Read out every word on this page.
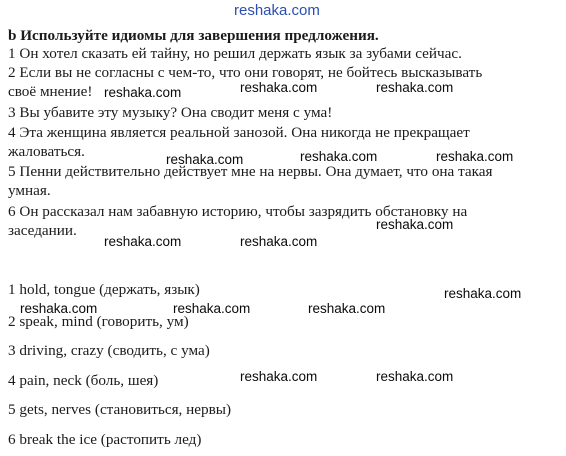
reshaka.com
b Используйте идиомы для завершения предложения.
1 Он хотел сказать ей тайну, но решил держать язык за зубами сейчас.
2 Если вы не согласны с чем-то, что они говорят, не бойтесь высказывать
своё мнение!
3 Вы убавите эту музыку? Она сводит меня с ума!
4 Эта женщина является реальной занозой. Она никогда не прекращает
жаловаться.
5 Пенни действительно действует мне на нервы. Она думает, что она такая
умная.
6 Он рассказал нам забавную историю, чтобы зазрядить обстановку на
заседании.
1 hold, tongue (держать, язык)
2 speak, mind (говорить, ум)
3 driving, crazy (сводить, с ума)
4 pain, neck (боль, шея)
5 gets, nerves (становиться, нервы)
6 break the ice (растопить лед)
reshaka.com
reshaka.com	reshaka.com
reshaka.com	reshaka.com	reshaka.com
reshaka.com
reshaka.com	reshaka.com
reshaka.com
reshaka.com	reshaka.com	reshaka.com
reshaka.com	reshaka.com
